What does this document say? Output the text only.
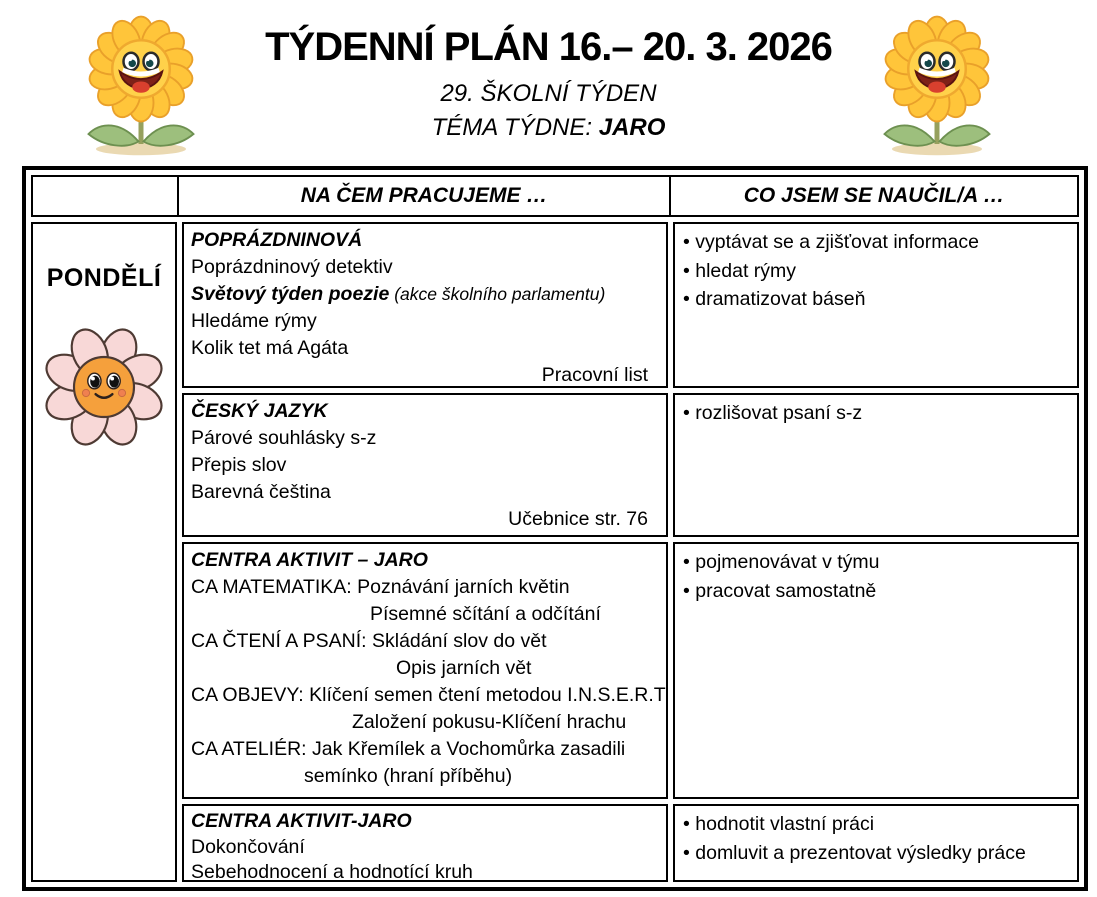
TÝDENNÍ PLÁN 16.– 20. 3. 2026
29. ŠKOLNÍ TÝDEN
TÉMA TÝDNE: JARO
NA ČEM PRACUJEME …	CO JSEM SE NAUČIL/A …
PONDĚLÍ
POPRÁZDNINOVÁ
Poprázdninový detektiv
Světový týden poezie (akce školního parlamentu)
Hledáme rýmy
Kolik tet má Agáta
Pracovní list
• vyptávat se a zjišťovat informace
• hledat rýmy
• dramatizovat báseň
ČESKÝ JAZYK
Párové souhlásky s-z
Přepis slov
Barevná čeština
Učebnice str. 76
• rozlišovat psaní s-z
CENTRA AKTIVIT – JARO
CA MATEMATIKA: Poznávání jarních květin
Písemné sčítání a odčítání
CA ČTENÍ A PSANÍ: Skládání slov do vět
Opis jarních vět
CA OBJEVY: Klíčení semen čtení metodou I.N.S.E.R.T
Založení pokusu-Klíčení hrachu
CA ATELIÉR: Jak Křemílek a Vochomůrka zasadili
semínko (hraní příběhu)
• pojmenovávat v týmu
• pracovat samostatně
CENTRA AKTIVIT-JARO
Dokončování
Sebehodnocení a hodnotící kruh
• hodnotit vlastní práci
• domluvit a prezentovat výsledky práce
